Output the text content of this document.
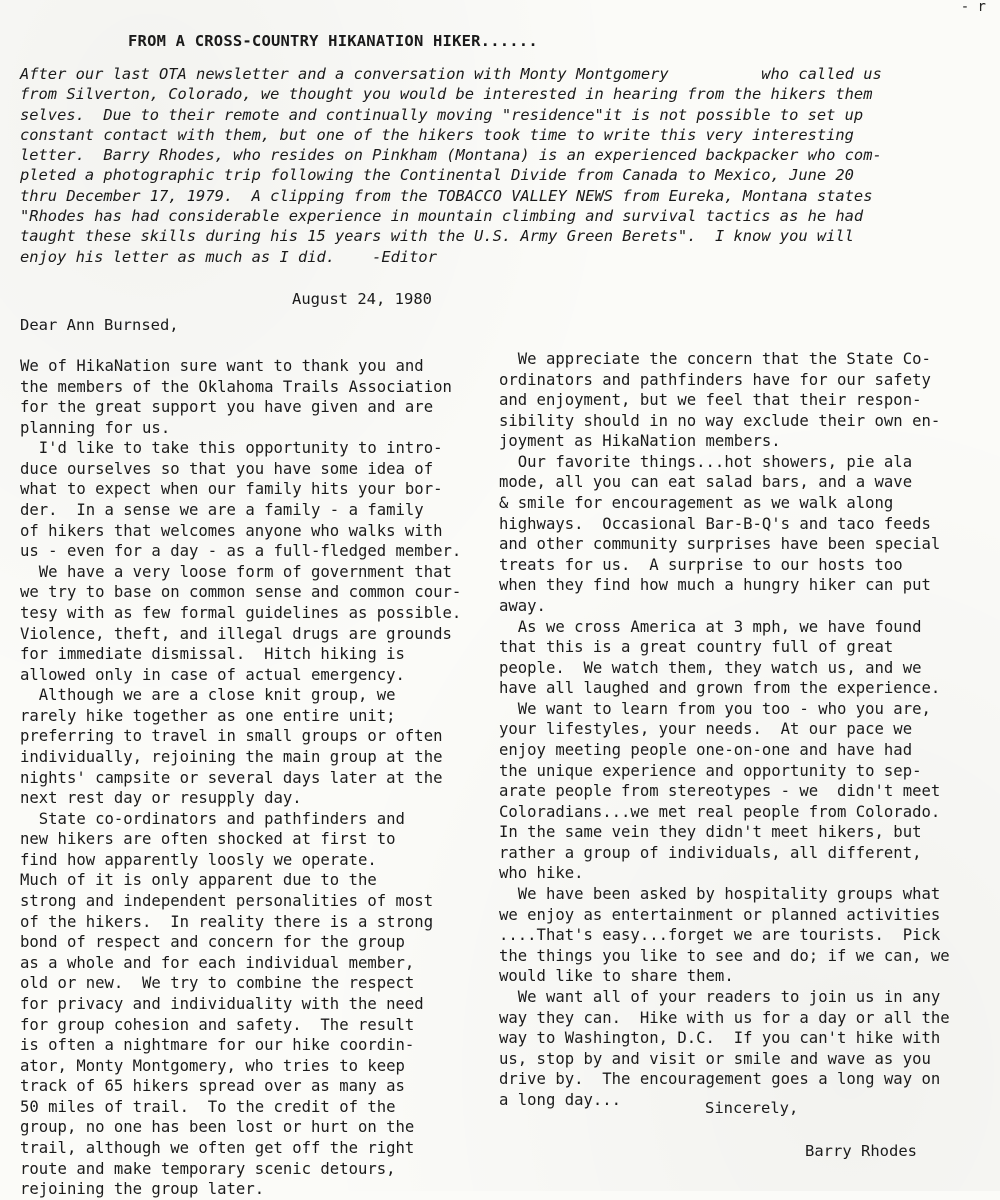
- r
FROM A CROSS-COUNTRY HIKANATION HIKER......
After our last OTA newsletter and a conversation with Monty Montgomery          who called us
from Silverton, Colorado, we thought you would be interested in hearing from the hikers them
selves.  Due to their remote and continually moving "residence"it is not possible to set up
constant contact with them, but one of the hikers took time to write this very interesting
letter.  Barry Rhodes, who resides on Pinkham (Montana) is an experienced backpacker who com-
pleted a photographic trip following the Continental Divide from Canada to Mexico, June 20
thru December 17, 1979.  A clipping from the TOBACCO VALLEY NEWS from Eureka, Montana states
"Rhodes has had considerable experience in mountain climbing and survival tactics as he had
taught these skills during his 15 years with the U.S. Army Green Berets".  I know you will
enjoy his letter as much as I did.    -Editor
August 24, 1980
Dear Ann Burnsed,
We of HikaNation sure want to thank you and
the members of the Oklahoma Trails Association
for the great support you have given and are
planning for us.
I'd like to take this opportunity to intro-
duce ourselves so that you have some idea of
what to expect when our family hits your bor-
der.  In a sense we are a family - a family
of hikers that welcomes anyone who walks with
us - even for a day - as a full-fledged member.
We have a very loose form of government that
we try to base on common sense and common cour-
tesy with as few formal guidelines as possible.
Violence, theft, and illegal drugs are grounds
for immediate dismissal.  Hitch hiking is
allowed only in case of actual emergency.
Although we are a close knit group, we
rarely hike together as one entire unit;
preferring to travel in small groups or often
individually, rejoining the main group at the
nights' campsite or several days later at the
next rest day or resupply day.
State co-ordinators and pathfinders and
new hikers are often shocked at first to
find how apparently loosly we operate.
Much of it is only apparent due to the
strong and independent personalities of most
of the hikers.  In reality there is a strong
bond of respect and concern for the group
as a whole and for each individual member,
old or new.  We try to combine the respect
for privacy and individuality with the need
for group cohesion and safety.  The result
is often a nightmare for our hike coordin-
ator, Monty Montgomery, who tries to keep
track of 65 hikers spread over as many as
50 miles of trail.  To the credit of the
group, no one has been lost or hurt on the
trail, although we often get off the right
route and make temporary scenic detours,
rejoining the group later.
We appreciate the concern that the State Co-
ordinators and pathfinders have for our safety
and enjoyment, but we feel that their respon-
sibility should in no way exclude their own en-
joyment as HikaNation members.
Our favorite things...hot showers, pie ala
mode, all you can eat salad bars, and a wave
& smile for encouragement as we walk along
highways.  Occasional Bar-B-Q's and taco feeds
and other community surprises have been special
treats for us.  A surprise to our hosts too
when they find how much a hungry hiker can put
away.
As we cross America at 3 mph, we have found
that this is a great country full of great
people.  We watch them, they watch us, and we
have all laughed and grown from the experience.
We want to learn from you too - who you are,
your lifestyles, your needs.  At our pace we
enjoy meeting people one-on-one and have had
the unique experience and opportunity to sep-
arate people from stereotypes - we  didn't meet
Coloradians...we met real people from Colorado.
In the same vein they didn't meet hikers, but
rather a group of individuals, all different,
who hike.
We have been asked by hospitality groups what
we enjoy as entertainment or planned activities
....That's easy...forget we are tourists.  Pick
the things you like to see and do; if we can, we
would like to share them.
We want all of your readers to join us in any
way they can.  Hike with us for a day or all the
way to Washington, D.C.  If you can't hike with
us, stop by and visit or smile and wave as you
drive by.  The encouragement goes a long way on
a long day...	Sincerely,
Barry Rhodes
